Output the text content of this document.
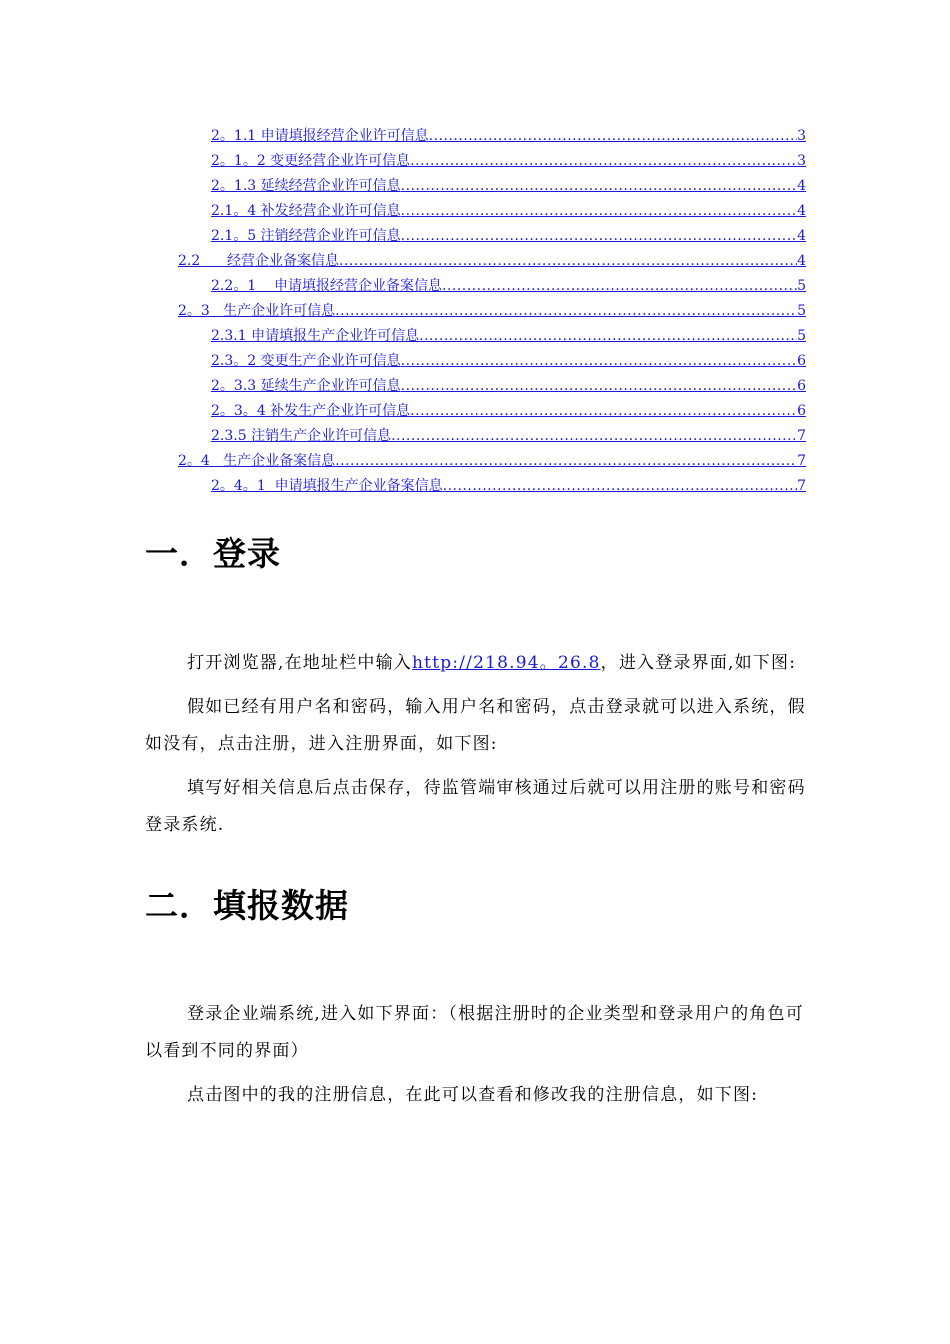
2。1.1 申请填报经营企业许可信息 .....	3
2。1。2 变更经营企业许可信息 .....	3
2。1.3 延续经营企业许可信息 .....	4
2.1。4 补发经营企业许可信息 .....	4
2.1。5 注销经营企业许可信息 .....	4
2.2      经营企业备案信息 .....	4
2.2。1    申请填报经营企业备案信息 .....	5
2。3   生产企业许可信息 .....	5
2.3.1 申请填报生产企业许可信息 .....	5
2.3。2 变更生产企业许可信息 .....	6
2。3.3 延续生产企业许可信息 .....	6
2。3。4 补发生产企业许可信息 .....	6
2.3.5 注销生产企业许可信息 .....	7
2。4   生产企业备案信息 .....	7
2。4。1  申请填报生产企业备案信息 .....	7
一．登录
打开浏览器,在地址栏中输入http://218.94。26.8，进入登录界面,如下图:
假如已经有用户名和密码，输入用户名和密码，点击登录就可以进入系统，假如没有，点击注册，进入注册界面，如下图:
填写好相关信息后点击保存，待监管端审核通过后就可以用注册的账号和密码登录系统.
二．填报数据
登录企业端系统,进入如下界面：（根据注册时的企业类型和登录用户的角色可以看到不同的界面）
点击图中的我的注册信息，在此可以查看和修改我的注册信息，如下图:
